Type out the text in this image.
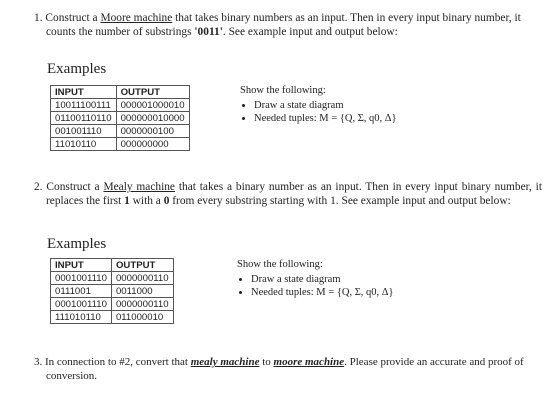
1. Construct a Moore machine that takes binary numbers as an input. Then in every input binary number, it counts the number of substrings '0011'. See example input and output below:

Examples
INPUT	OUTPUT
10011100111	000001000010
01100110110	000000010000
001001110	0000000100
11010110	000000000
Show the following:
• Draw a state diagram
• Needed tuples: M = {Q, Σ, q0, Δ}

2. Construct a Mealy machine that takes a binary number as an input. Then in every input binary number, it replaces the first 1 with a 0 from every substring starting with 1. See example input and output below:

Examples
INPUT	OUTPUT
0001001110	0000000110
0111001	0011000
0001001110	0000000110
111010110	011000010
Show the following:
• Draw a state diagram
• Needed tuples: M = {Q, Σ, q0, Δ}

3. In connection to #2, convert that mealy machine to moore machine. Please provide an accurate and proof of conversion.
